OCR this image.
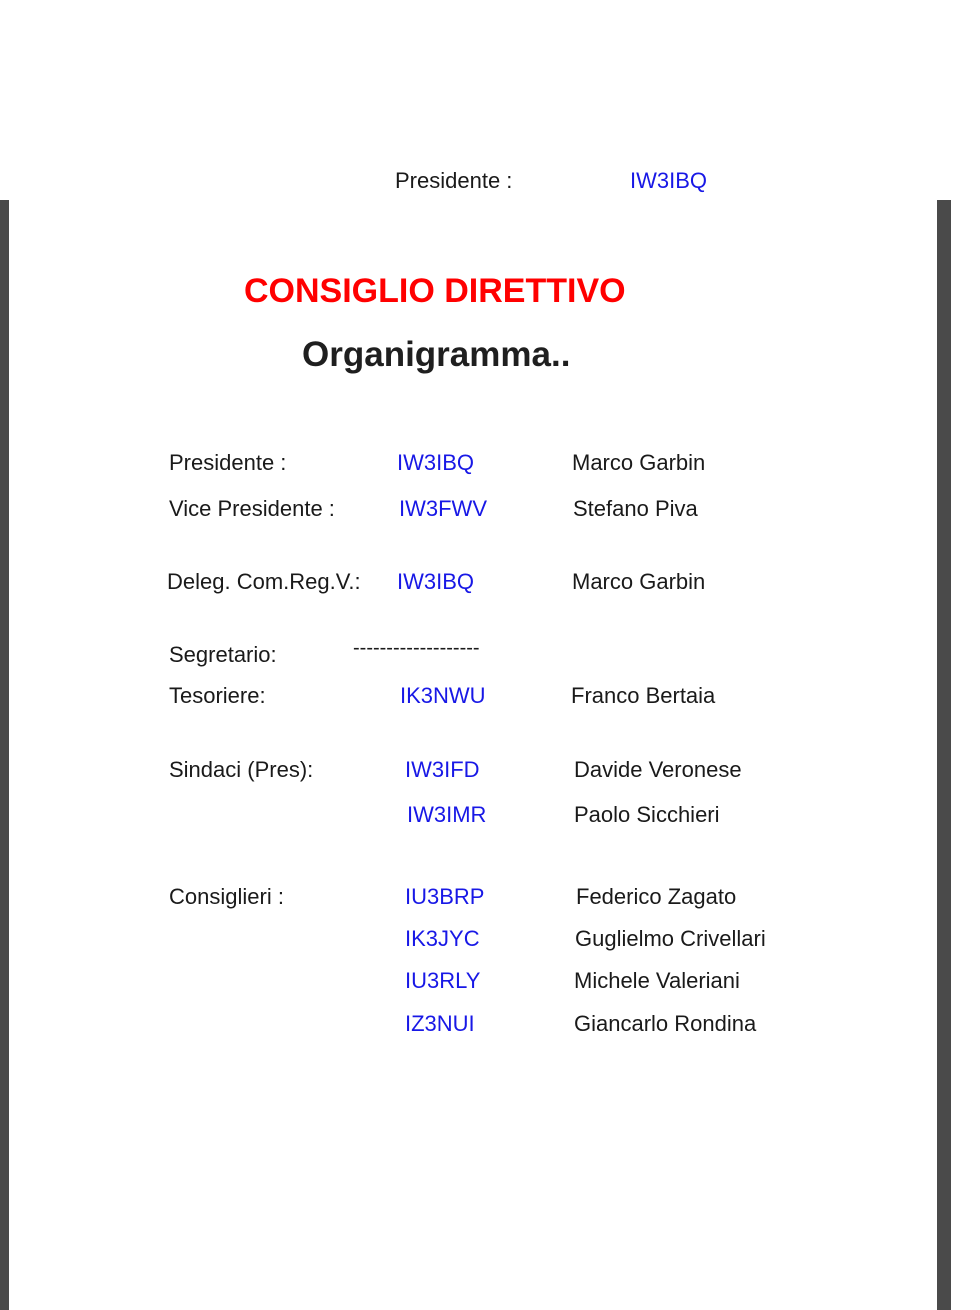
Presidente :	IW3IBQ
CONSIGLIO DIRETTIVO
Organigramma..
Presidente :	IW3IBQ	Marco Garbin
Vice Presidente :	IW3FWV	Stefano Piva
Deleg. Com.Reg.V.: IW3IBQ	Marco Garbin
Segretario:	-------------------
Tesoriere:	IK3NWU	Franco Bertaia
Sindaci (Pres):	IW3IFD	Davide Veronese
IW3IMR	Paolo Sicchieri
Consiglieri :	IU3BRP	Federico Zagato
IK3JYC	Guglielmo Crivellari
IU3RLY	Michele Valeriani
IZ3NUI	Giancarlo Rondina
